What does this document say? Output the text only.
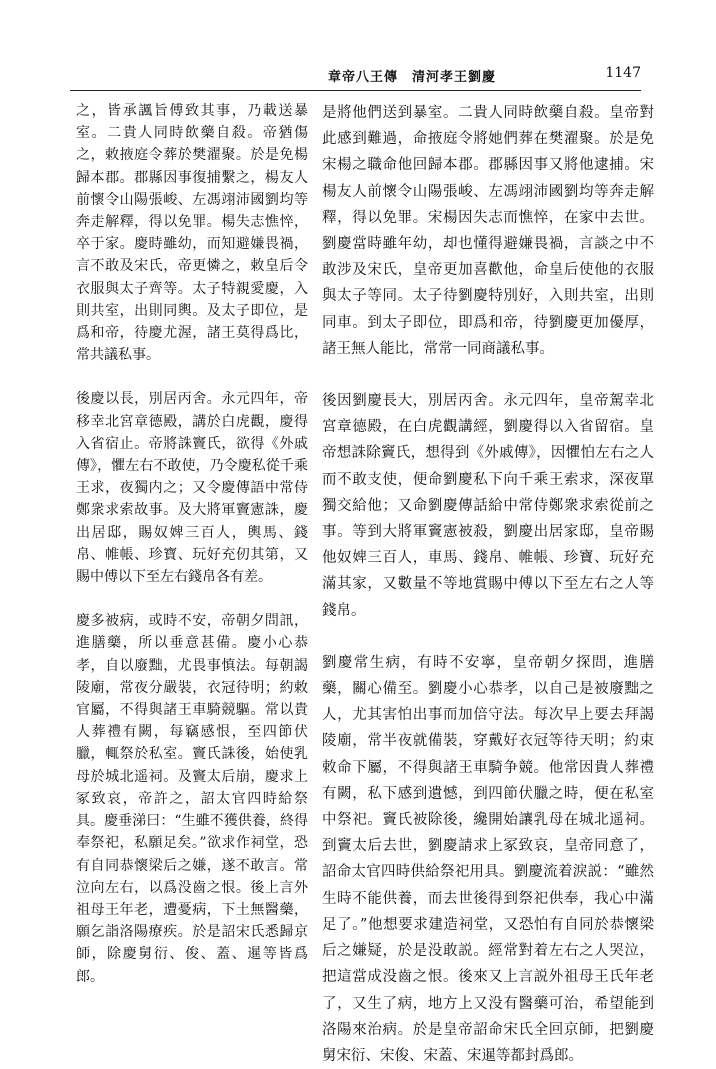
章帝八王傳　清河孝王劉慶	1147

之，皆承諷旨傅致其事，乃載送暴室。二貴人同時飲藥自殺。帝猶傷之，敕掖庭令葬於樊濯聚。於是免楊歸本郡。郡縣因事復捕繫之，楊友人前懷令山陽張峻、左馮翊沛國劉均等奔走解釋，得以免罪。楊失志憔悴，卒于家。慶時雖幼，而知避嫌畏禍，言不敢及宋氏，帝更憐之，敕皇后令衣服與太子齊等。太子特親愛慶，入則共室，出則同輿。及太子即位，是爲和帝，待慶尤渥，諸王莫得爲比，常共議私事。

後慶以長，別居丙舍。永元四年，帝移幸北宮章德殿，講於白虎觀，慶得入省宿止。帝將誅竇氏，欲得《外戚傳》，懼左右不敢使，乃令慶私從千乘王求，夜獨内之；又令慶傳語中常侍鄭衆求索故事。及大將軍竇憲誅，慶出居邸，賜奴婢三百人，輿馬、錢帛、帷帳、珍寶、玩好充仞其第，又賜中傅以下至左右錢帛各有差。

慶多被病，或時不安，帝朝夕問訊，進膳藥，所以垂意甚備。慶小心恭孝，自以廢黜，尤畏事慎法。每朝謁陵廟，常夜分嚴裝，衣冠待明；約敕官屬，不得與諸王車騎競驅。常以貴人葬禮有闕，每竊感恨，至四節伏臘，輒祭於私室。竇氏誅後，始使乳母於城北遥祠。及竇太后崩，慶求上冢致哀，帝許之，詔太官四時給祭具。慶垂涕曰：“生雖不獲供養，終得奉祭祀，私願足矣。”欲求作祠堂，恐有自同恭懷梁后之嫌，遂不敢言。常泣向左右，以爲没齒之恨。後上言外祖母王年老，遭憂病，下土無醫藥，願乞詣洛陽療疾。於是詔宋氏悉歸京師，除慶舅衍、俊、蓋、暹等皆爲郎。

是將他們送到暴室。二貴人同時飲藥自殺。皇帝對此感到難過，命掖庭令將她們葬在樊濯聚。於是免宋楊之職命他回歸本郡。郡縣因事又將他逮捕。宋楊友人前懷令山陽張峻、左馮翊沛國劉均等奔走解釋，得以免罪。宋楊因失志而憔悴，在家中去世。劉慶當時雖年幼，却也懂得避嫌畏禍，言談之中不敢涉及宋氏，皇帝更加喜歡他，命皇后使他的衣服與太子等同。太子待劉慶特別好，入則共室，出則同車。到太子即位，即爲和帝，待劉慶更加優厚，諸王無人能比，常常一同商議私事。

後因劉慶長大，別居丙舍。永元四年，皇帝駕幸北宮章德殿，在白虎觀講經，劉慶得以入省留宿。皇帝想誅除竇氏，想得到《外戚傳》，因懼怕左右之人而不敢支使，便命劉慶私下向千乘王索求，深夜單獨交給他；又命劉慶傳話給中常侍鄭衆求索從前之事。等到大將軍竇憲被殺，劉慶出居家邸，皇帝賜他奴婢三百人，車馬、錢帛、帷帳、珍寶、玩好充滿其家，又數量不等地賞賜中傅以下至左右之人等錢帛。

劉慶常生病，有時不安寧，皇帝朝夕探問，進膳藥，關心備至。劉慶小心恭孝，以自己是被廢黜之人，尤其害怕出事而加倍守法。每次早上要去拜謁陵廟，常半夜就備裝，穿戴好衣冠等待天明；約束敕命下屬，不得與諸王車騎争競。他常因貴人葬禮有闕，私下感到遺憾，到四節伏臘之時，便在私室中祭祀。竇氏被除後，纔開始讓乳母在城北遥祠。到竇太后去世，劉慶請求上冢致哀，皇帝同意了，詔命太官四時供給祭祀用具。劉慶流着淚説：“雖然生時不能供養，而去世後得到祭祀供奉，我心中滿足了。”他想要求建造祠堂，又恐怕有自同於恭懷梁后之嫌疑，於是没敢説。經常對着左右之人哭泣，把這當成没齒之恨。後來又上言説外祖母王氏年老了，又生了病，地方上又没有醫藥可治，希望能到洛陽來治病。於是皇帝詔命宋氏全回京師，把劉慶舅宋衍、宋俊、宋蓋、宋暹等都封爲郎。
